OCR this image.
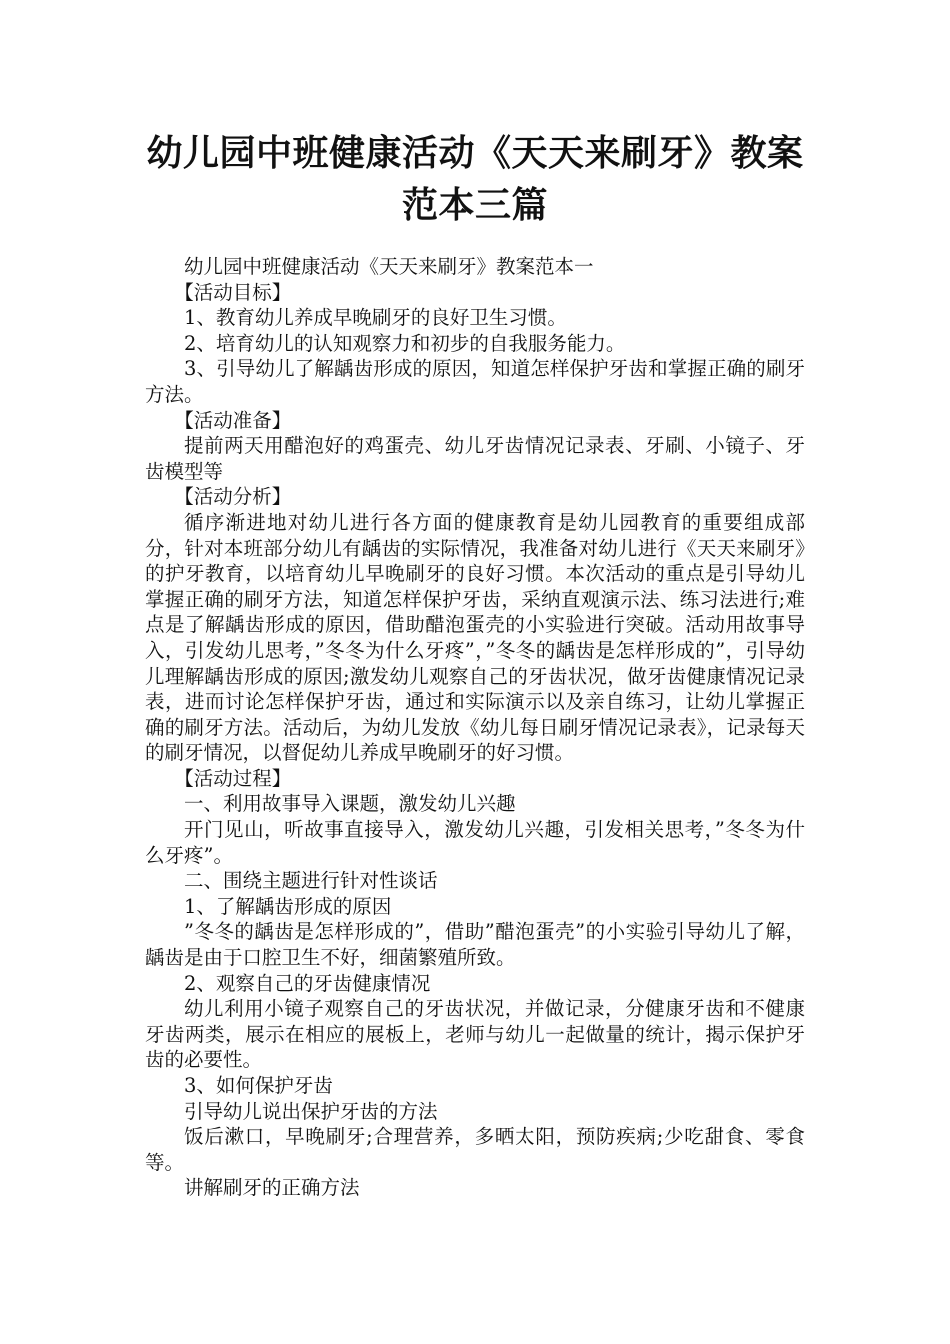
幼儿园中班健康活动《天天来刷牙》教案范本三篇

幼儿园中班健康活动《天天来刷牙》教案范本一

【活动目标】

1、教育幼儿养成早晚刷牙的良好卫生习惯。

2、培育幼儿的认知观察力和初步的自我服务能力。

3、引导幼儿了解龋齿形成的原因，知道怎样保护牙齿和掌握正确的刷牙方法。

【活动准备】

提前两天用醋泡好的鸡蛋壳、幼儿牙齿情况记录表、牙刷、小镜子、牙齿模型等

【活动分析】

循序渐进地对幼儿进行各方面的健康教育是幼儿园教育的重要组成部分，针对本班部分幼儿有龋齿的实际情况，我准备对幼儿进行《天天来刷牙》的护牙教育，以培育幼儿早晚刷牙的良好习惯。本次活动的重点是引导幼儿掌握正确的刷牙方法，知道怎样保护牙齿，采纳直观演示法、练习法进行;难点是了解龋齿形成的原因，借助醋泡蛋壳的小实验进行突破。活动用故事导入，引发幼儿思考，”冬冬为什么牙疼”，”冬冬的龋齿是怎样形成的”，引导幼儿理解龋齿形成的原因;激发幼儿观察自己的牙齿状况，做牙齿健康情况记录表，进而讨论怎样保护牙齿，通过和实际演示以及亲自练习，让幼儿掌握正确的刷牙方法。活动后，为幼儿发放《幼儿每日刷牙情况记录表》，记录每天的刷牙情况，以督促幼儿养成早晚刷牙的好习惯。

【活动过程】

一、利用故事导入课题，激发幼儿兴趣

开门见山，听故事直接导入，激发幼儿兴趣，引发相关思考，”冬冬为什么牙疼”。

二、围绕主题进行针对性谈话

1、了解龋齿形成的原因

”冬冬的龋齿是怎样形成的”，借助”醋泡蛋壳”的小实验引导幼儿了解，龋齿是由于口腔卫生不好，细菌繁殖所致。

2、观察自己的牙齿健康情况

幼儿利用小镜子观察自己的牙齿状况，并做记录，分健康牙齿和不健康牙齿两类，展示在相应的展板上，老师与幼儿一起做量的统计，揭示保护牙齿的必要性。

3、如何保护牙齿

引导幼儿说出保护牙齿的方法

饭后漱口，早晚刷牙;合理营养，多晒太阳，预防疾病;少吃甜食、零食等。

讲解刷牙的正确方法
